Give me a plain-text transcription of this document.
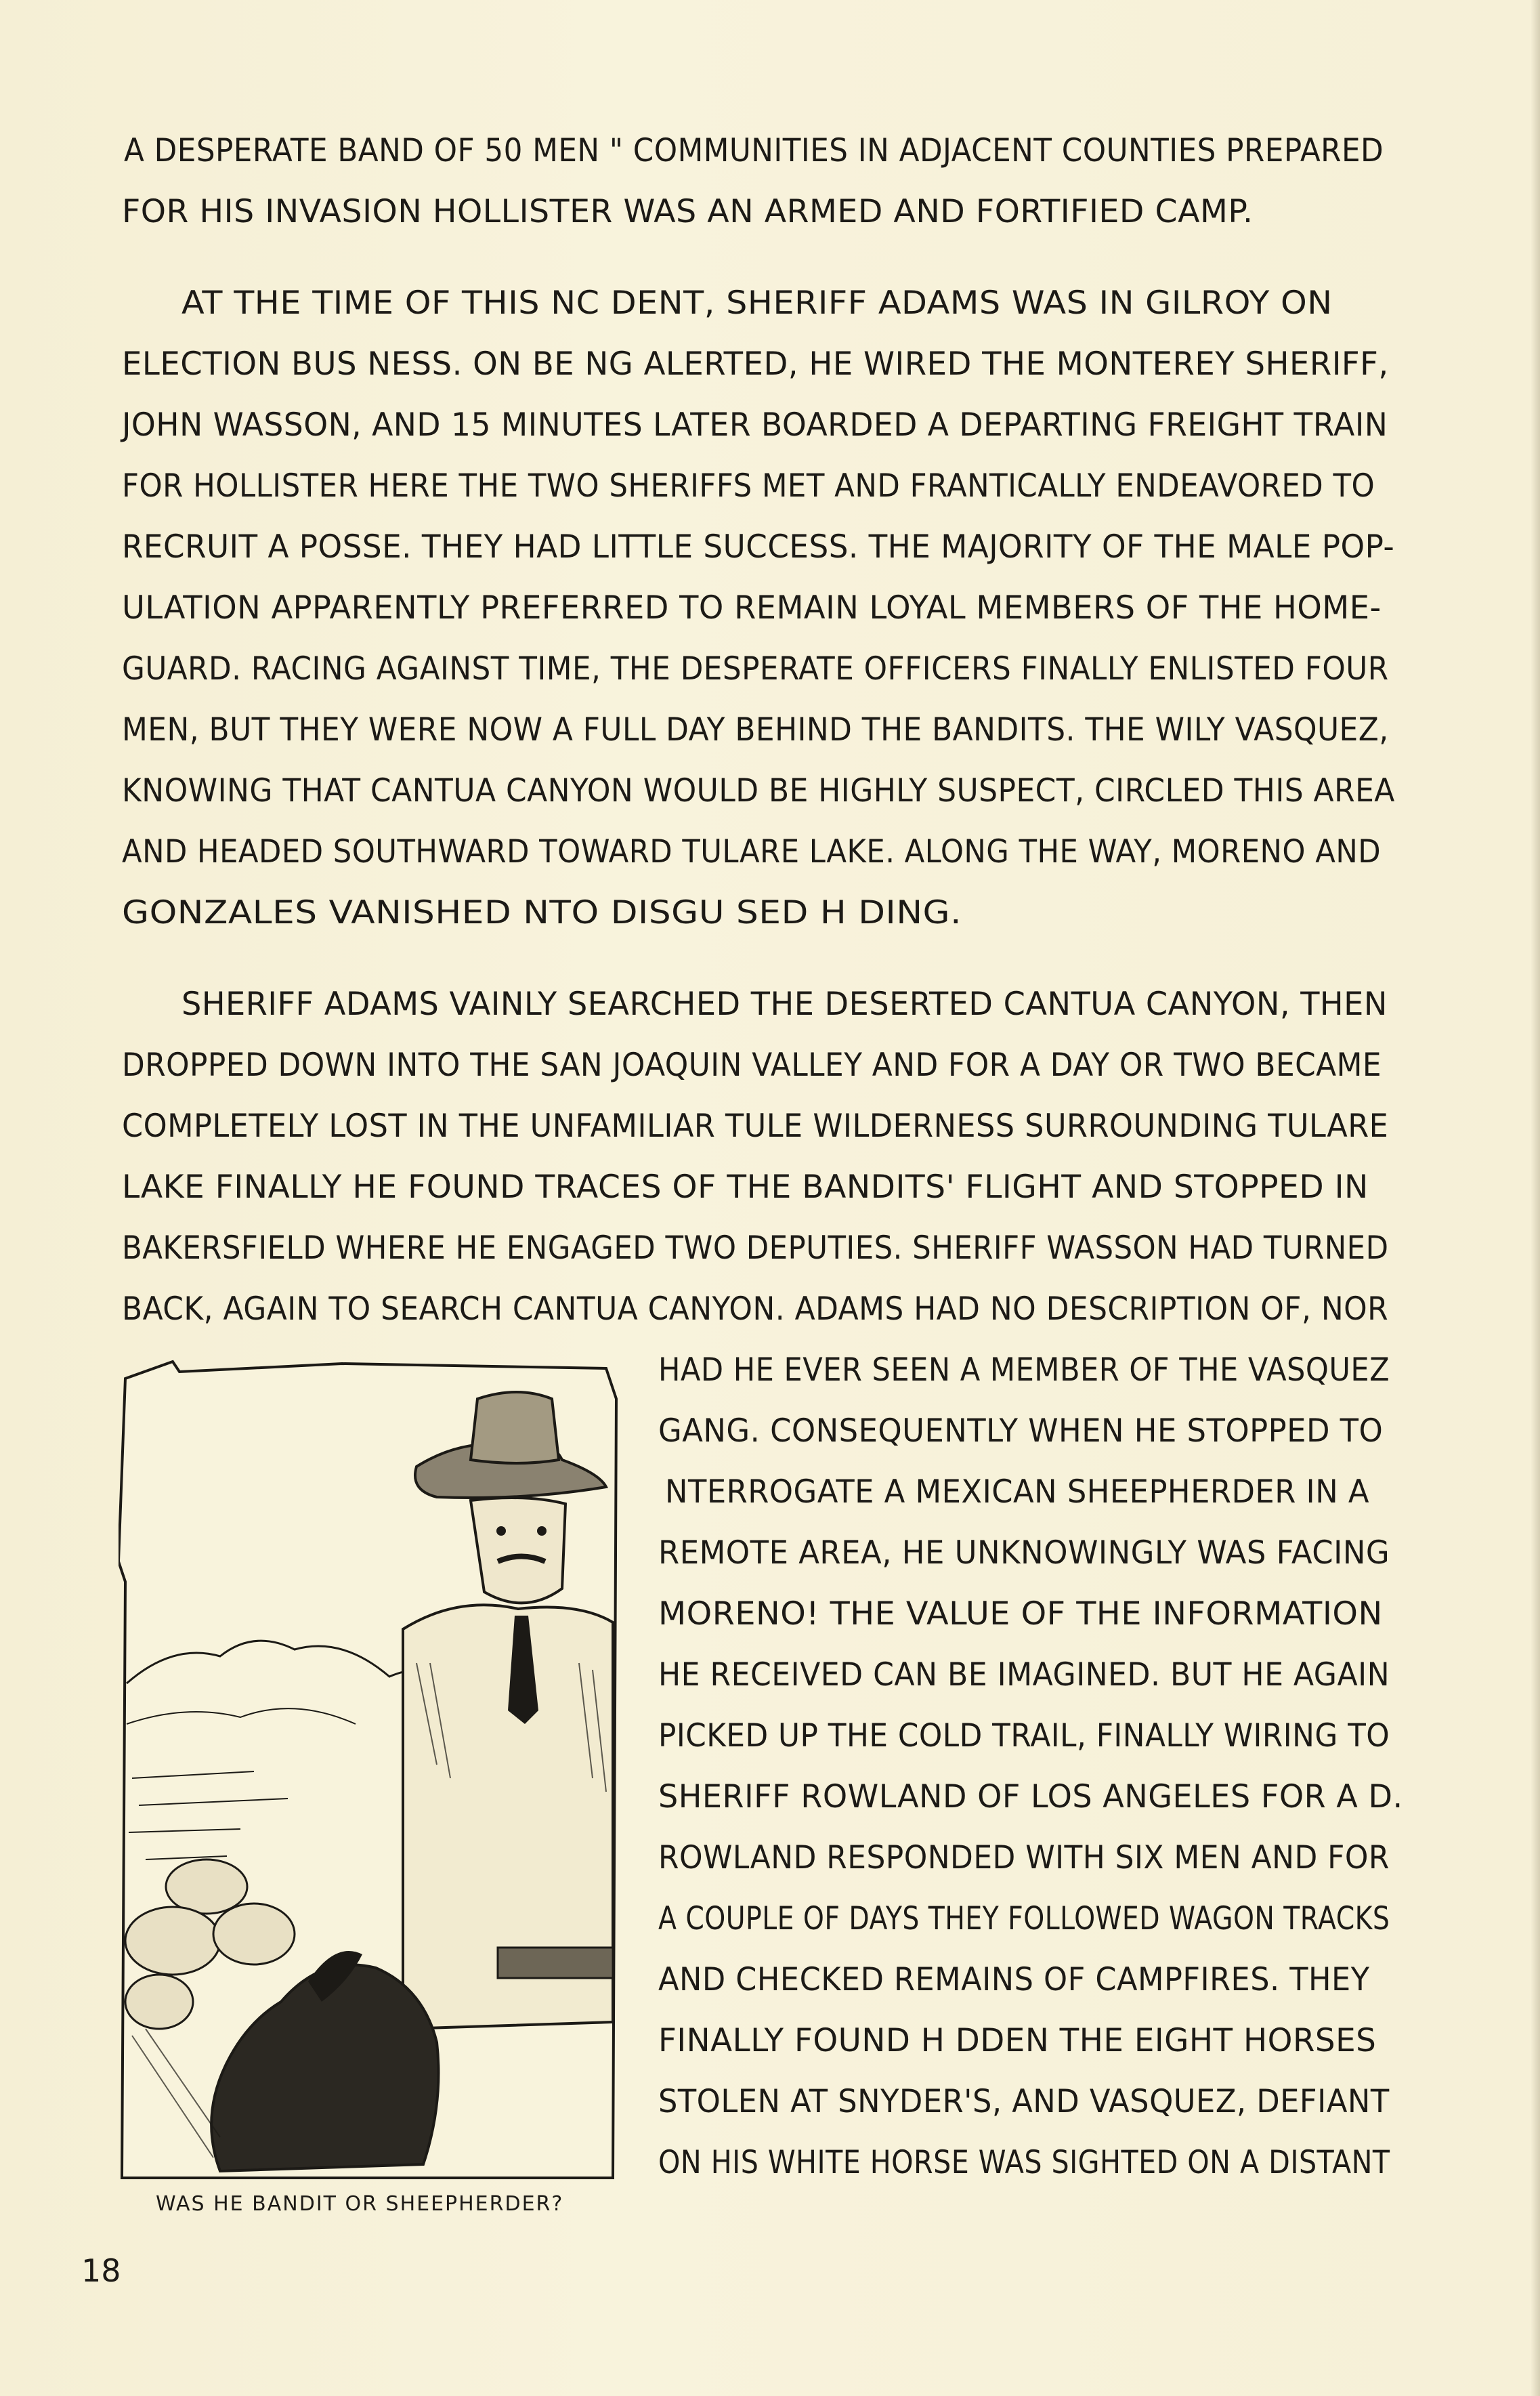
A DESPERATE BAND OF 50 MEN " COMMUNITIES IN ADJACENT COUNTIES PREPARED
FOR HIS INVASION HOLLISTER WAS AN ARMED AND FORTIFIED CAMP.
AT THE TIME OF THIS NC DENT, SHERIFF ADAMS WAS IN GILROY ON
ELECTION BUS NESS. ON BE NG ALERTED, HE WIRED THE MONTEREY SHERIFF,
JOHN WASSON, AND 15 MINUTES LATER BOARDED A DEPARTING FREIGHT TRAIN
FOR HOLLISTER HERE THE TWO SHERIFFS MET AND FRANTICALLY ENDEAVORED TO
RECRUIT A POSSE. THEY HAD LITTLE SUCCESS. THE MAJORITY OF THE MALE POP-
ULATION APPARENTLY PREFERRED TO REMAIN LOYAL MEMBERS OF THE HOME-
GUARD. RACING AGAINST TIME, THE DESPERATE OFFICERS FINALLY ENLISTED FOUR
MEN, BUT THEY WERE NOW A FULL DAY BEHIND THE BANDITS. THE WILY VASQUEZ,
KNOWING THAT CANTUA CANYON WOULD BE HIGHLY SUSPECT, CIRCLED THIS AREA
AND HEADED SOUTHWARD TOWARD TULARE LAKE. ALONG THE WAY, MORENO AND
GONZALES VANISHED NTO DISGU SED H DING.
SHERIFF ADAMS VAINLY SEARCHED THE DESERTED CANTUA CANYON, THEN
DROPPED DOWN INTO THE SAN JOAQUIN VALLEY AND FOR A DAY OR TWO BECAME
COMPLETELY LOST IN THE UNFAMILIAR TULE WILDERNESS SURROUNDING TULARE
LAKE FINALLY HE FOUND TRACES OF THE BANDITS' FLIGHT AND STOPPED IN
BAKERSFIELD WHERE HE ENGAGED TWO DEPUTIES. SHERIFF WASSON HAD TURNED
BACK, AGAIN TO SEARCH CANTUA CANYON. ADAMS HAD NO DESCRIPTION OF, NOR
HAD HE EVER SEEN A MEMBER OF THE VASQUEZ
GANG. CONSEQUENTLY WHEN HE STOPPED TO
NTERROGATE A MEXICAN SHEEPHERDER IN A
REMOTE AREA, HE UNKNOWINGLY WAS FACING
MORENO! THE VALUE OF THE INFORMATION
HE RECEIVED CAN BE IMAGINED. BUT HE AGAIN
PICKED UP THE COLD TRAIL, FINALLY WIRING TO
SHERIFF ROWLAND OF LOS ANGELES FOR A D.
ROWLAND RESPONDED WITH SIX MEN AND FOR
A COUPLE OF DAYS THEY FOLLOWED WAGON TRACKS
AND CHECKED REMAINS OF CAMPFIRES. THEY
FINALLY FOUND H DDEN THE EIGHT HORSES
STOLEN AT SNYDER'S, AND VASQUEZ, DEFIANT
ON HIS WHITE HORSE WAS SIGHTED ON A DISTANT
WAS HE BANDIT OR SHEEPHERDER?
18
